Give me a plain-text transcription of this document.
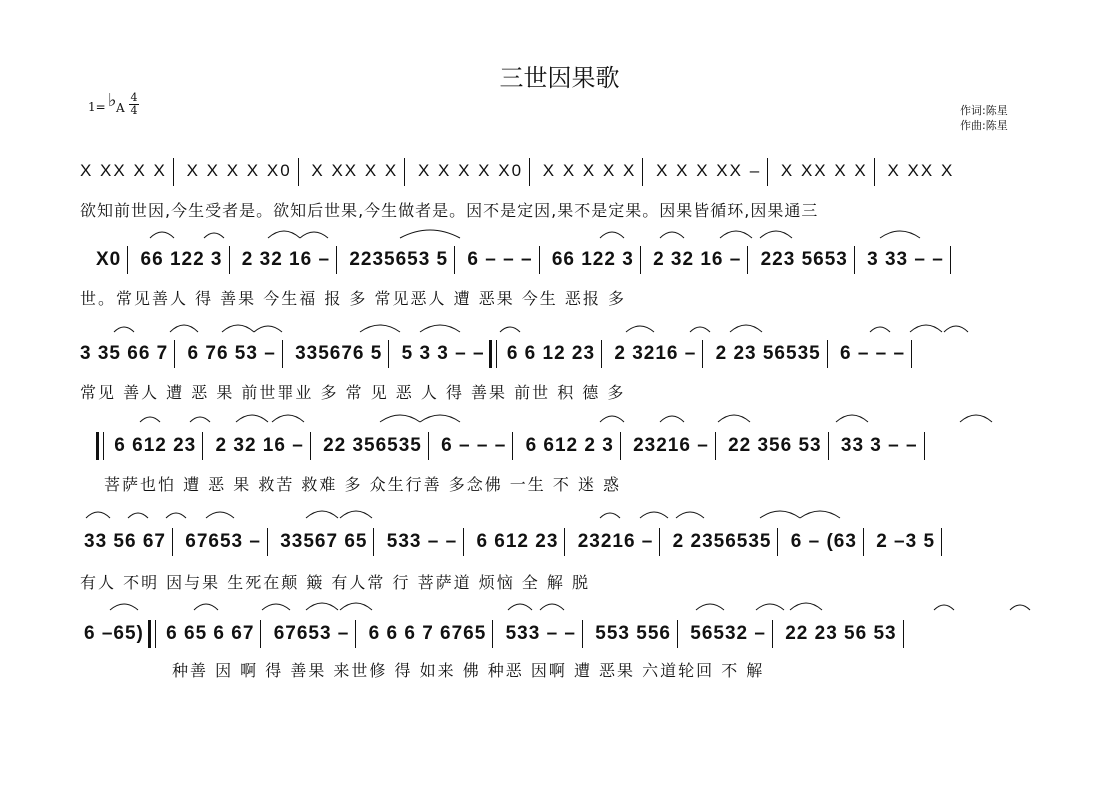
三世因果歌
1= ♭ A
4
4	作词:陈星
作曲:陈星
X XX X X X X X X X0 X XX X X X X X X X0 X X X X X X X X XX – X XX X X X XX X
欲知前世因,今生受者是。欲知后世果,今生做者是。因不是定因,果不是定果。因果皆循环,因果通三
X0 66 122 3 2 32 16 – 2235653 5 6 – – – 66 122 3 2 32 16 – 223 5653 3 33 – –
世。常见善人 得 善果 今生福 报 多 常见恶人 遭 恶果 今生 恶报 多
3 35 66 7 6 76 53 – 335676 5 5 3 3 – – 6 6 12 23 2 3216 – 2 23 56535 6 – – –
常见 善人 遭 恶 果 前世罪业 多 常 见 恶 人 得 善果 前世 积 德 多
6 612 23 2 32 16 – 22 356535 6 – – – 6 612 2 3 23216 – 22 356 53 33 3 – –
菩萨也怕 遭 恶 果 救苦 救难 多 众生行善 多念佛 一生 不 迷 惑
33 56 67 67653 – 33567 65 533 – – 6 612 23 23216 – 2 2356535 6 – (63 2 –3 5
有人 不明 因与果 生死在颠 簸 有人常 行 菩萨道 烦恼 全 解 脱
6 –65) 6 65 6 67 67653 – 6 6 6 7 6765 533 – – 553 556 56532 – 22 23 56 53
种善 因 啊 得 善果 来世修 得 如来 佛 种恶 因啊 遭 恶果 六道轮回 不 解
